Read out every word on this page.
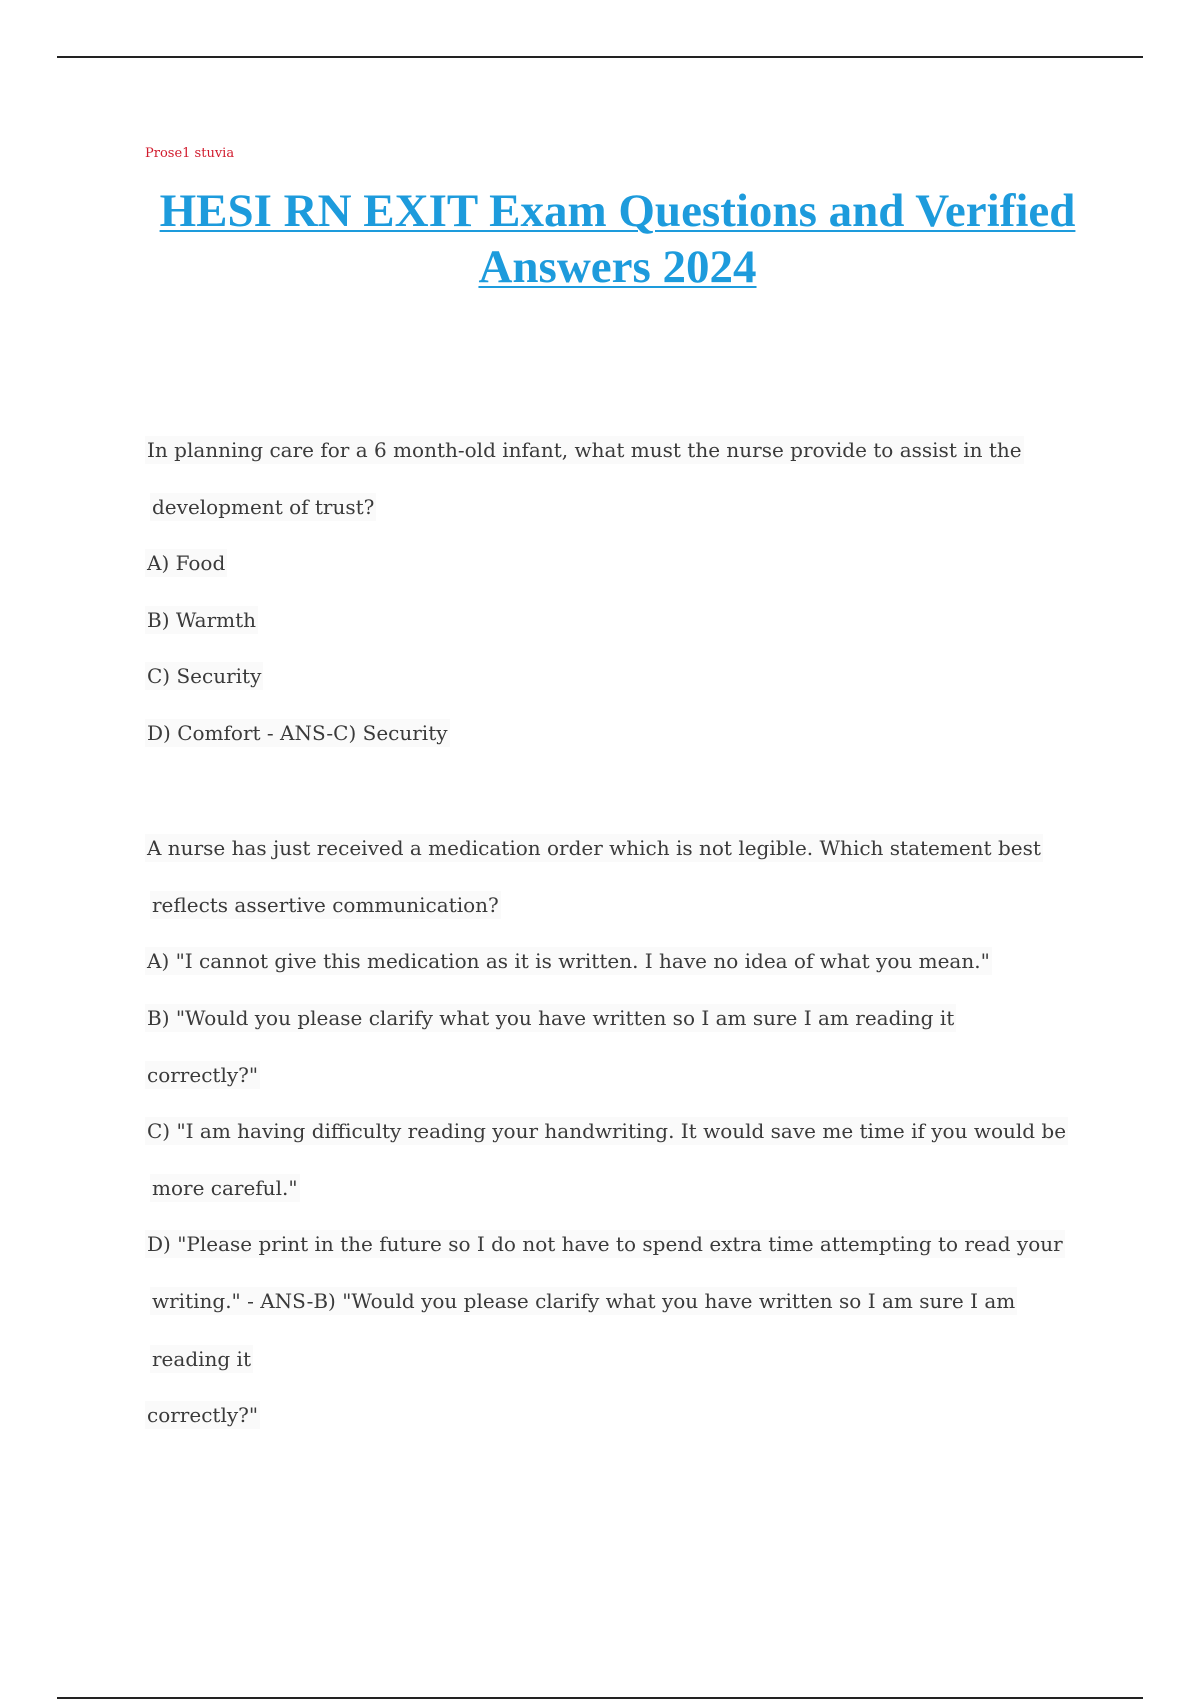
Prose1 stuvia
HESI RN EXIT Exam Questions and Verified
Answers 2024
In planning care for a 6 month-old infant, what must the nurse provide to assist in the
development of trust?
A) Food
B) Warmth
C) Security
D) Comfort - ANS-C) Security
A nurse has just received a medication order which is not legible. Which statement best
reflects assertive communication?
A) "I cannot give this medication as it is written. I have no idea of what you mean."
B) "Would you please clarify what you have written so I am sure I am reading it
correctly?"
C) "I am having difficulty reading your handwriting. It would save me time if you would be
more careful."
D) "Please print in the future so I do not have to spend extra time attempting to read your
writing." - ANS-B) "Would you please clarify what you have written so I am sure I am
reading it
correctly?"
